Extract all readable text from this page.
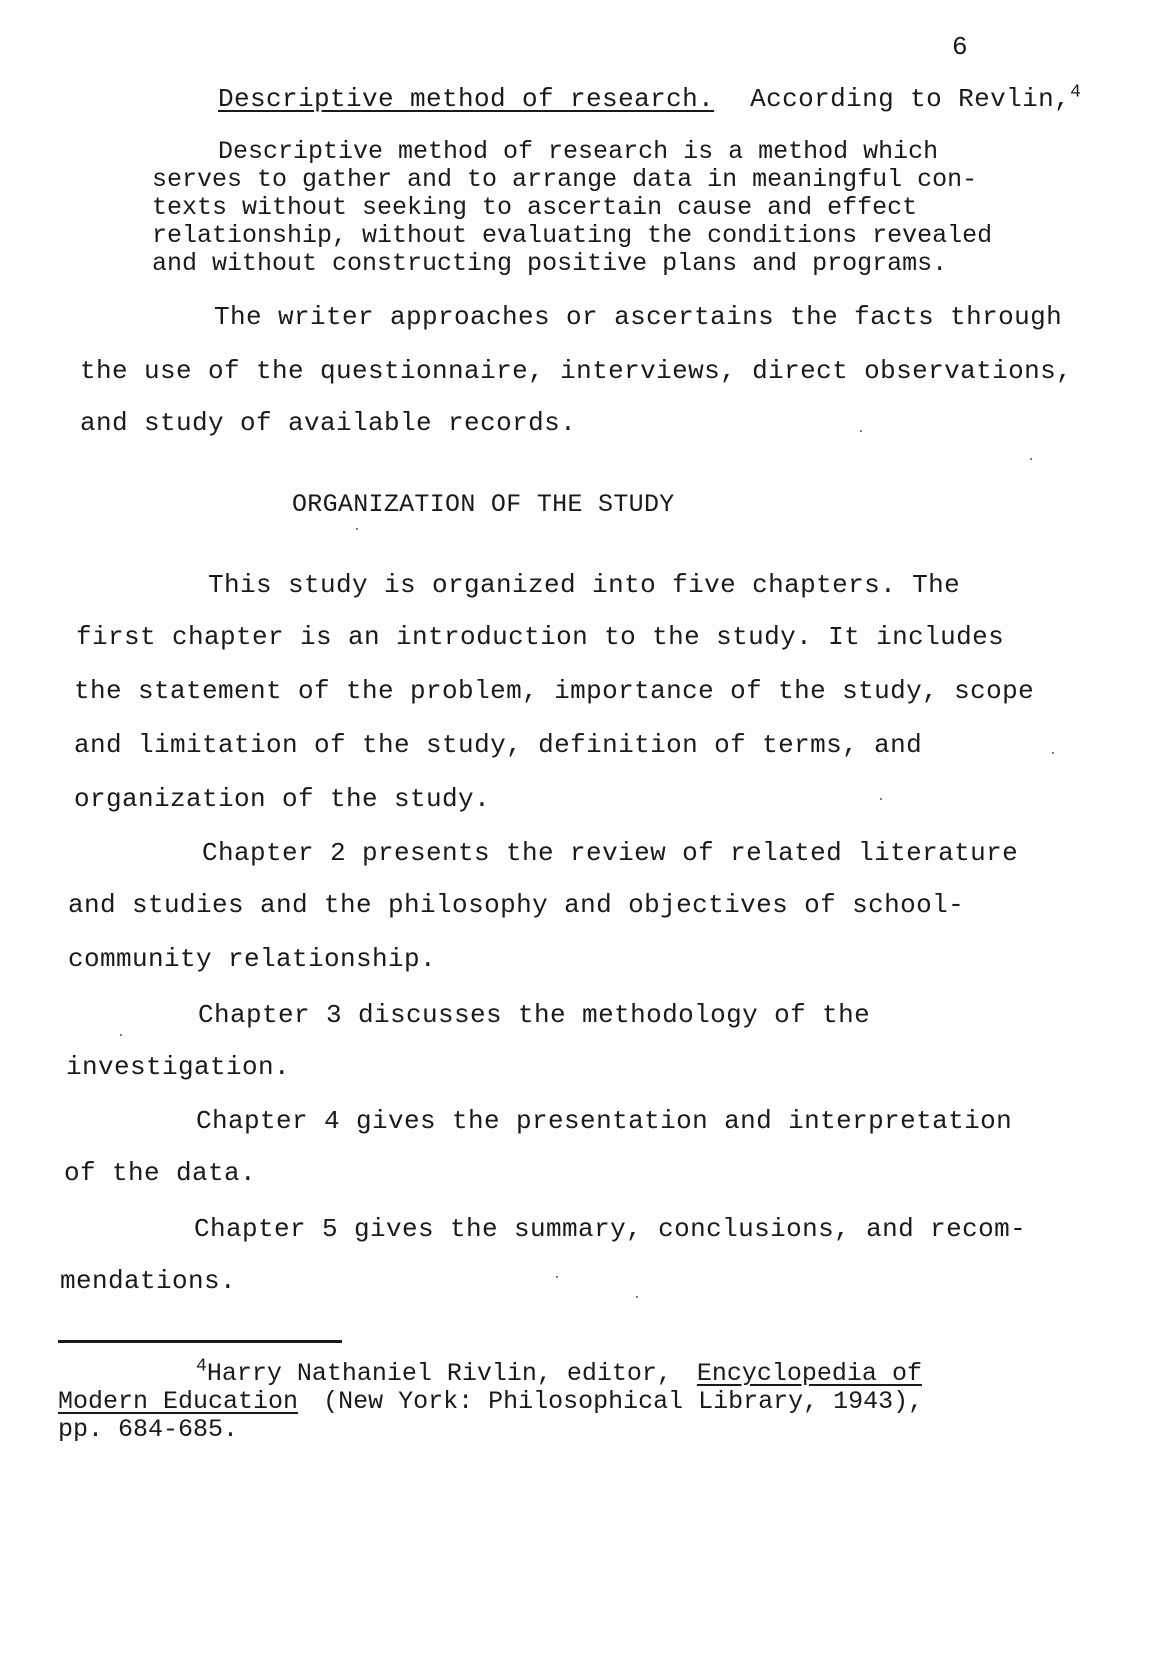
6
Descriptive method of research. According to Revlin,$^4$
Descriptive method of research is a method which
serves to gather and to arrange data in meaningful con-
texts without seeking to ascertain cause and effect
relationship, without evaluating the conditions revealed
and without constructing positive plans and programs.
The writer approaches or ascertains the facts through
the use of the questionnaire, interviews, direct observations,
and study of available records.
ORGANIZATION OF THE STUDY
This study is organized into five chapters. The
first chapter is an introduction to the study. It includes
the statement of the problem, importance of the study, scope
and limitation of the study, definition of terms, and
organization of the study.
Chapter 2 presents the review of related literature
and studies and the philosophy and objectives of school-
community relationship.
Chapter 3 discusses the methodology of the
investigation.
Chapter 4 gives the presentation and interpretation
of the data.
Chapter 5 gives the summary, conclusions, and recom-
mendations.
$^4$Harry Nathaniel Rivlin, editor, Encyclopedia of
Modern Education (New York: Philosophical Library, 1943),
pp. 684-685.
